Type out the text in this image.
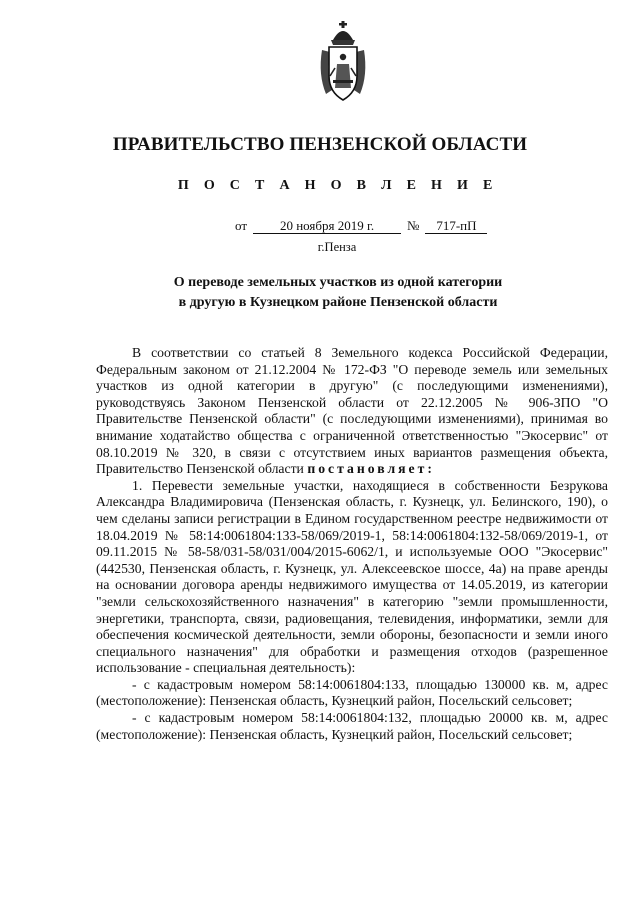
ПРАВИТЕЛЬСТВО ПЕНЗЕНСКОЙ ОБЛАСТИ
П О С Т А Н О В Л Е Н И Е
от	20 ноября 2019 г.	№ 717-пП
г.Пенза
О переводе земельных участков из одной категории
в другую в Кузнецком районе Пензенской области

В соответствии со статьей 8 Земельного кодекса Российской Федерации, Федеральным законом от 21.12.2004 № 172-ФЗ "О переводе земель или земельных участков из одной категории в другую" (с последующими изменениями), руководствуясь Законом Пензенской области от 22.12.2005 № 906-ЗПО "О Правительстве Пензенской области" (с последующими изменениями), принимая во внимание ходатайство общества с ограниченной ответственностью "Экосервис" от 08.10.2019 № 320, в связи с отсутствием иных вариантов размещения объекта, Правительство Пензенской области постановляет:

1. Перевести земельные участки, находящиеся в собственности Безрукова Александра Владимировича (Пензенская область, г. Кузнецк, ул. Белинского, 190), о чем сделаны записи регистрации в Едином государственном реестре недвижимости от 18.04.2019 № 58:14:0061804:133-58/069/2019-1, 58:14:0061804:132-58/069/2019-1, от 09.11.2015 № 58-58/031-58/031/004/2015-6062/1, и используемые ООО "Экосервис" (442530, Пензенская область, г. Кузнецк, ул. Алексеевское шоссе, 4а) на праве аренды на основании договора аренды недвижимого имущества от 14.05.2019, из категории "земли сельскохозяйственного назначения" в категорию "земли промышленности, энергетики, транспорта, связи, радиовещания, телевидения, информатики, земли для обеспечения космической деятельности, земли обороны, безопасности и земли иного специального назначения" для обработки и размещения отходов (разрешенное использование - специальная деятельность):

- с кадастровым номером 58:14:0061804:133, площадью 130000 кв. м, адрес (местоположение): Пензенская область, Кузнецкий район, Посельский сельсовет;

- с кадастровым номером 58:14:0061804:132, площадью 20000 кв. м, адрес (местоположение): Пензенская область, Кузнецкий район, Посельский сельсовет;
